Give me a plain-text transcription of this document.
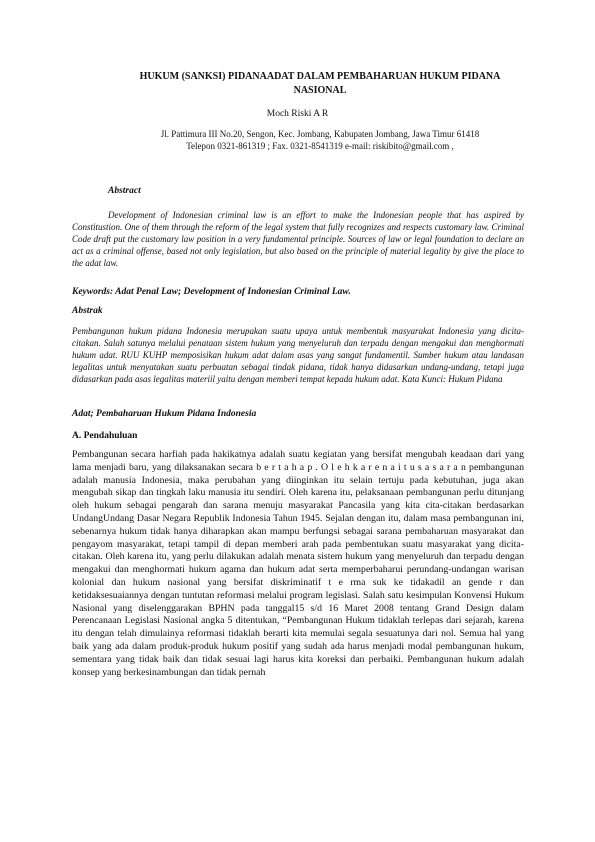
HUKUM (SANKSI) PIDANAADAT DALAM PEMBAHARUAN HUKUM PIDANA
NASIONAL
Moch Riski A R
Jl. Pattimura III No.20, Sengon, Kec. Jombang, Kabupaten Jombang, Jawa Timur 61418
Telepon 0321-861319 ; Fax. 0321-8541319 e-mail: riskibito@gmail.com ,
Abstract
Development of Indonesian criminal law is an effort to make the Indonesian people that has aspired by Constitustion. One of them through the reform of the legal system that fully recognizes and respects customary law. Criminal Code draft put the customary law position in a very fundamental principle. Sources of law or legal foundation to declare an act as a criminal offense, based not only legislation, but also based on the principle of material legality by give the place to the adat law.
Keywords: Adat Penal Law; Development of Indonesian Criminal Law.
Abstrak
Pembangunan hukum pidana Indonesia merupakan suatu upaya untuk membentuk masyarakat Indonesia yang dicita-citakan. Salah satunya melalui penataan sistem hukum yang menyeluruh dan terpadu dengan mengakui dan menghormati hukum adat. RUU KUHP memposisikan hukum adat dalam asas yang sangat fundamentil. Sumber hukum atau landasan legalitas untuk menyatakan suatu perbuatan sebagai tindak pidana, tidak hanya didasarkan undang-undang, tetapi juga didasarkan pada asas legalitas materiil yaitu dengan memberi tempat kepada hukum adat. Kata Kunci: Hukum Pidana
Adat; Pembaharuan Hukum Pidana Indonesia
A. Pendahuluan
Pembangunan secara harfiah pada hakikatnya adalah suatu kegiatan yang bersifat mengubah keadaan dari yang lama menjadi baru, yang dilaksanakan secara b e r t a h a p . O l e h k a r e n a i t u s a s a r a n pembangunan adalah manusia Indonesia, maka perubahan yang diinginkan itu selain tertuju pada kebutuhan, juga akan mengubah sikap dan tingkah laku manusia itu sendiri. Oleh karena itu, pelaksanaan pembangunan perlu ditunjang oleh hukum sebagai pengarah dan sarana menuju masyarakat Pancasila yang kita cita-citakan berdasarkan UndangUndang Dasar Negara Republik Indonesia Tahun 1945. Sejalan dengan itu, dalam masa pembangunan ini, sebenarnya hukum tidak hanya diharapkan akan mampu berfungsi sebagai sarana pembaharuan masyarakat dan pengayom masyarakat, tetapi tampil di depan memberi arah pada pembentukan suatu masyarakat yang dicita-citakan. Oleh karena itu, yang perlu dilakukan adalah menata sistem hukum yang menyeluruh dan terpadu dengan mengakui dan menghormati hukum agama dan hukum adat serta memperbaharui perundang-undangan warisan kolonial dan hukum nasional yang bersifat diskriminatif t e rma suk ke tidakadil an gende r dan ketidaksesuaiannya dengan tuntutan reformasi melalui program legislasi. Salah satu kesimpulan Konvensi Hukum Nasional yang diselenggarakan BPHN pada tanggal15 s/d 16 Maret 2008 tentang Grand Design dalam Perencanaan Legislasi Nasional angka 5 ditentukan, “Pembangunan Hukum tidaklah terlepas dari sejarah, karena itu dengan telah dimulainya reformasi tidaklah berarti kita memulai segala sesuatunya dari nol. Semua hal yang baik yang ada dalam produk-produk hukum positif yang sudah ada harus menjadi modal pembangunan hukum, sementara yang tidak baik dan tidak sesuai lagi harus kita koreksi dan perbaiki. Pembangunan hukum adalah konsep yang berkesinambungan dan tidak pernah
